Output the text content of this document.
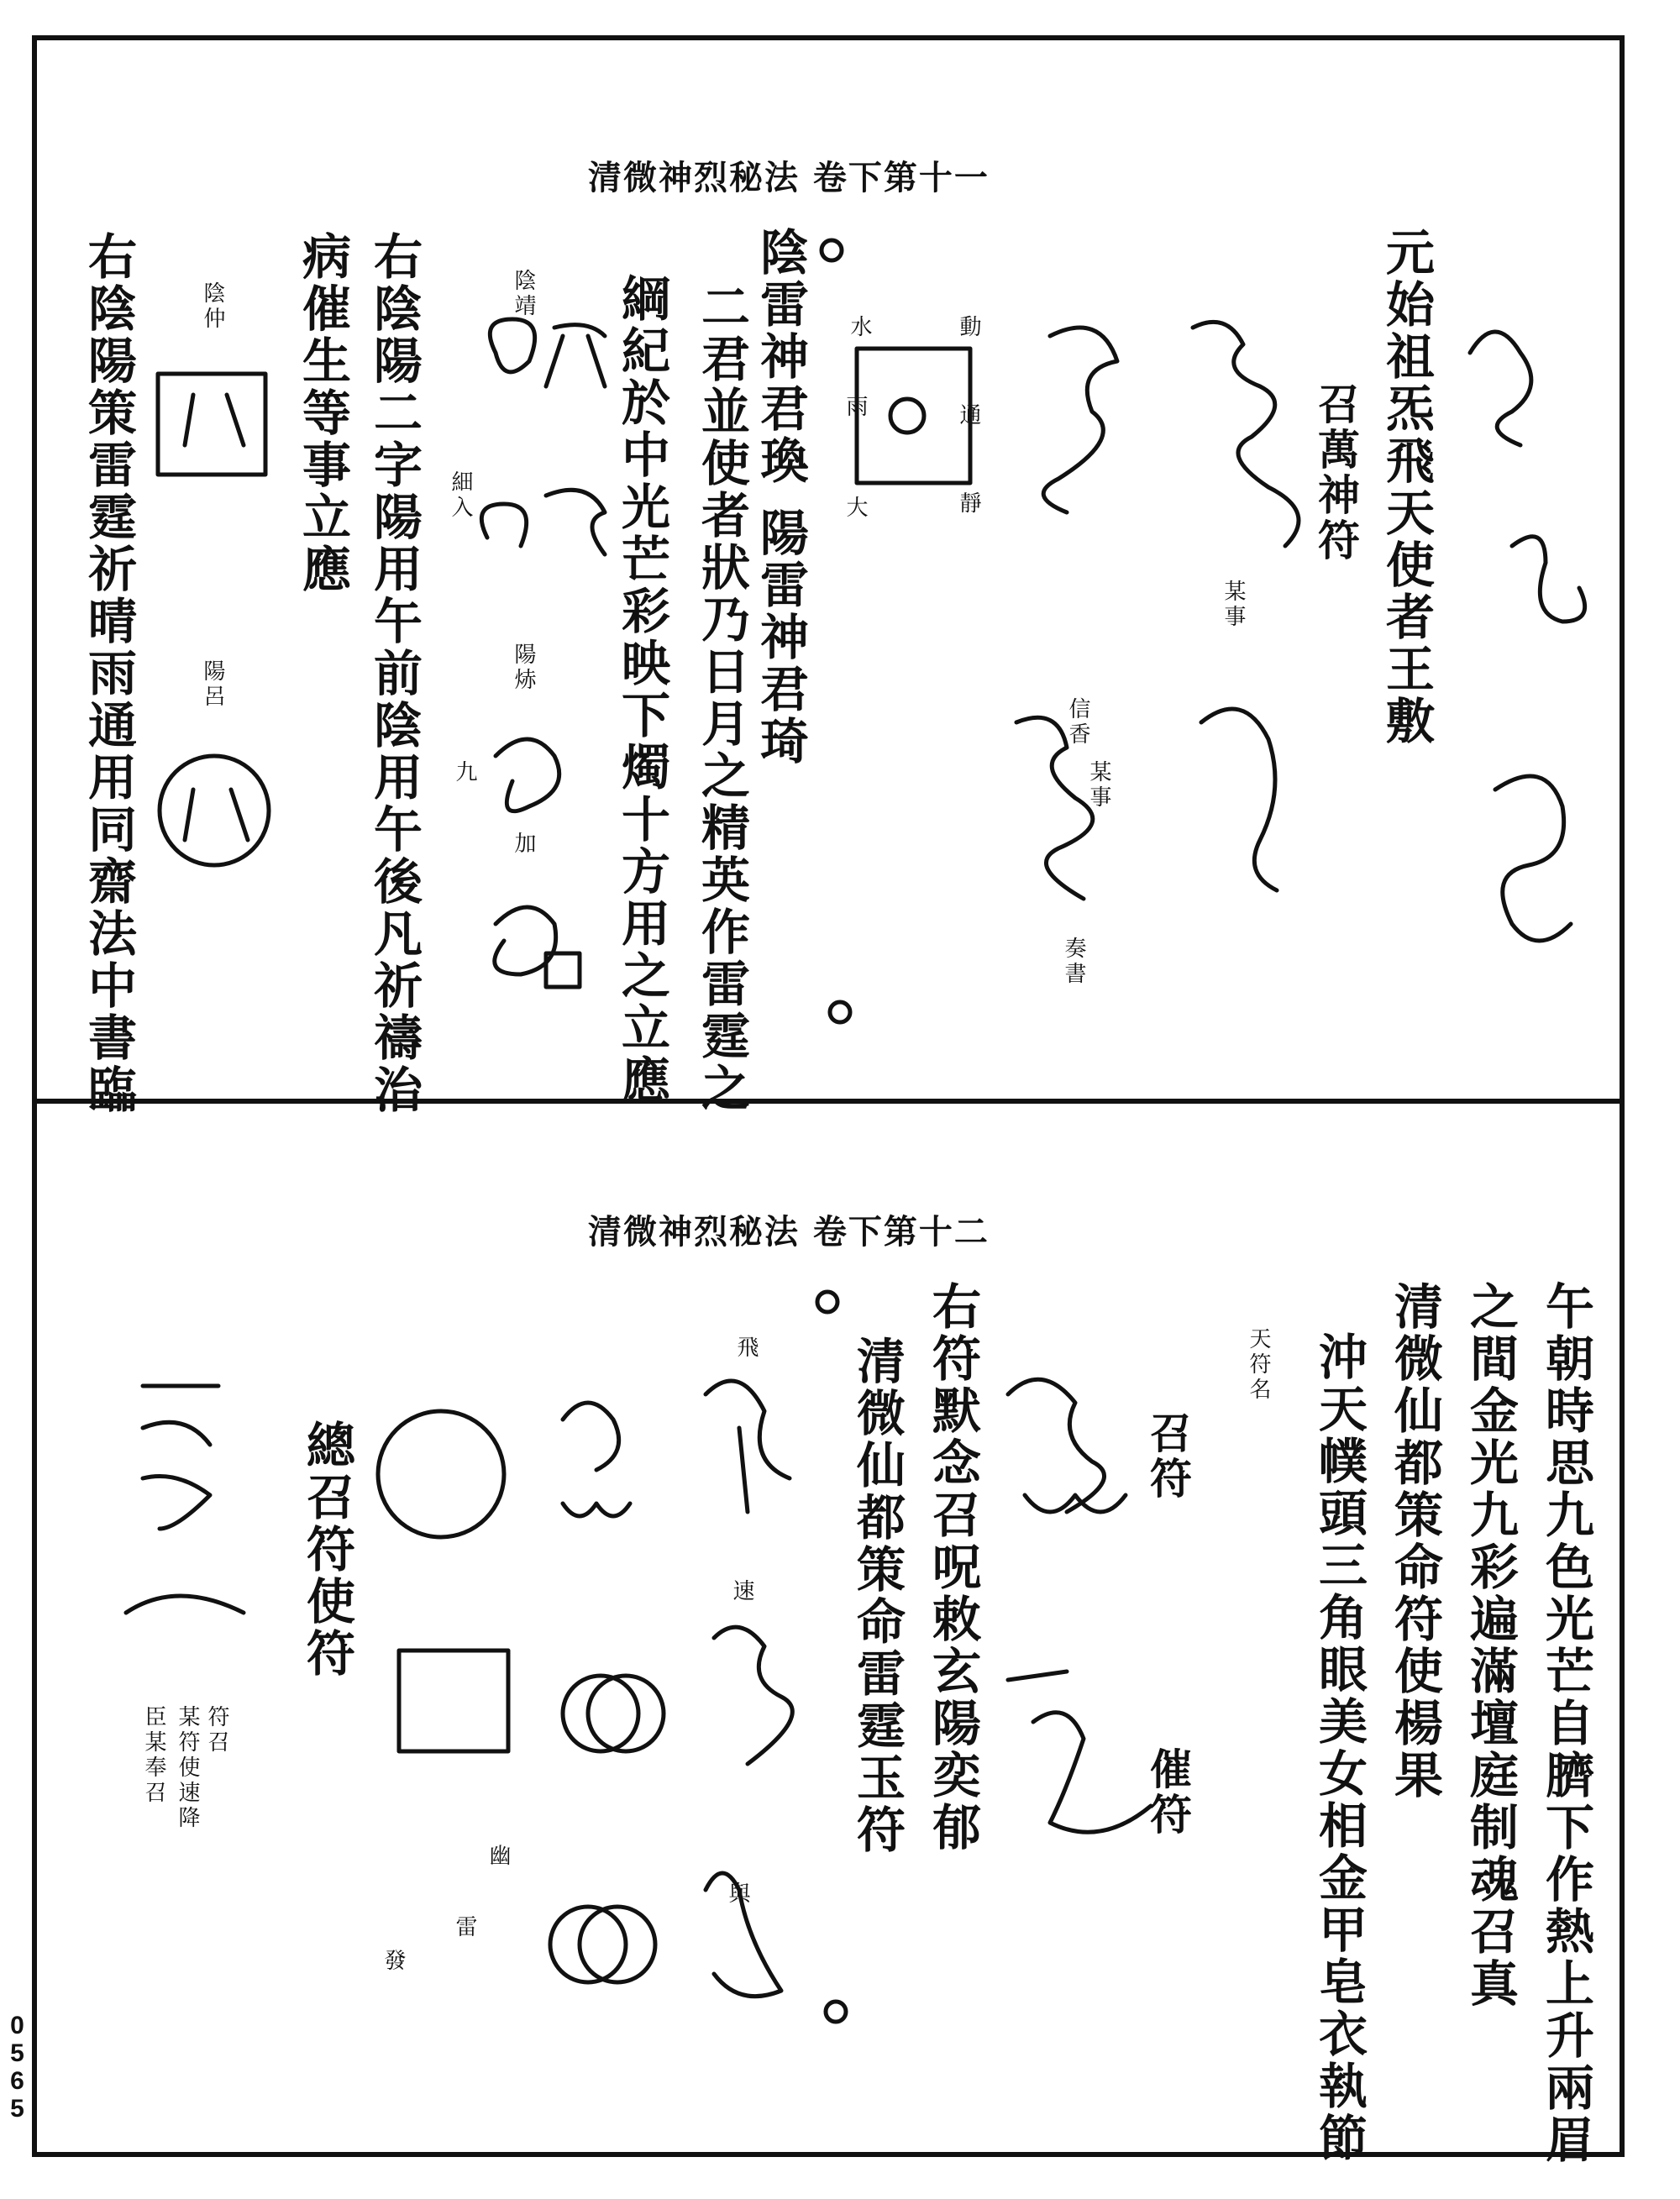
清微神烈秘法 卷下第十一
元始祖炁飛天使者王敷
召萬神符
某事
信香
某事
奏書
陰雷神君瑍 陽雷神君琦
二君並使者狀乃日月之精英作雷霆之
綱紀於中光芒彩映下燭十方用之立應
陰靖
陽焃
加
細入
九
右陰陽二字陽用午前陰用午後凡祈禱治
病催生等事立應
陰仲
陽呂
右陰陽策雷霆祈晴雨通用同齋法中書臨	水	動
靜
雨	通
大
清微神烈秘法 卷下第十二
午朝時思九色光芒自臍下作熱上升兩眉
之間金光九彩遍滿壇庭制魂召真
清微仙都策命符使楊果
沖天幞頭三角眼美女相金甲皂衣執節
天符名
召符
催符
右符默念召呪敕玄陽奕郁
清微仙都策命雷霆玉符
飛
速
與
總召符使符
幽
雷
發
符召
某符使速降
臣某奉召
0565
